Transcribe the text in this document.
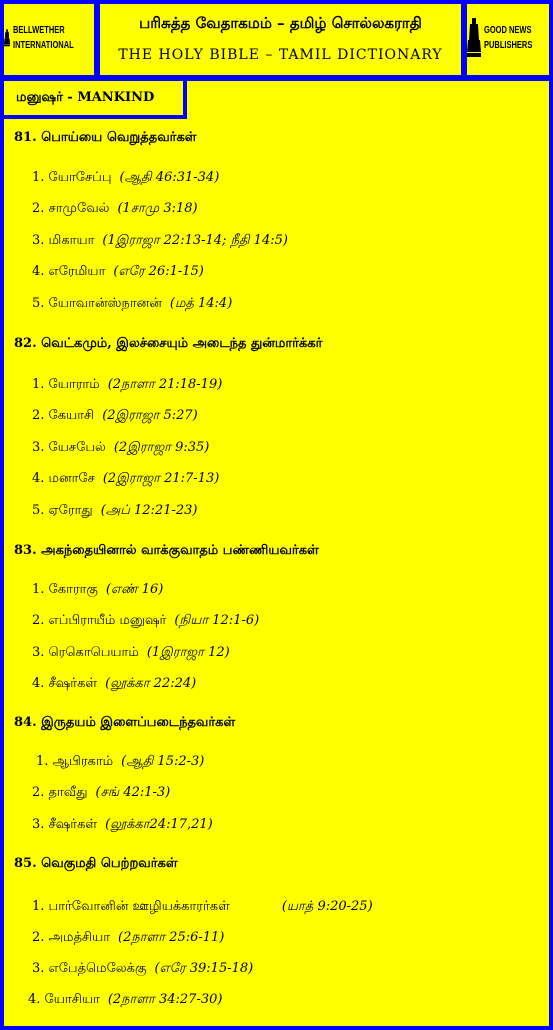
BELLWETHER
INTERNATIONAL
பரிசுத்த வேதாகமம் – தமிழ் சொல்லகராதி
THE HOLY BIBLE – TAMIL DICTIONARY
GOOD NEWS
PUBLISHERS
மனுஷர் - MANKIND
81. பொய்யை வெறுத்தவர்கள்
1. யோசேப்பு (ஆதி 46:31-34)
2. சாமுவேல் (1சாமு 3:18)
3. மிகாயா (1இராஜா 22:13-14; நீதி 14:5)
4. எரேமியா (எரே 26:1-15)
5. யோவான்ஸ்நானன் (மத் 14:4)
82. வெட்கமும், இலச்சையும் அடைந்த துன்மார்க்கர்
1. யோராம் (2நாளா 21:18-19)
2. கேயாசி (2இராஜா 5:27)
3. யேசபேல் (2இராஜா 9:35)
4. மனாசே (2இராஜா 21:7-13)
5. ஏரோது (அப் 12:21-23)
83. அகந்தையினால் வாக்குவாதம் பண்ணியவர்கள்
1. கோராகு (எண் 16)
2. எப்பிராயீம் மனுஷர் (நியா 12:1-6)
3. ரெகொபெயாம் (1இராஜா 12)
4. சீஷர்கள் (லூக்கா 22:24)
84. இருதயம் இளைப்படைந்தவர்கள்
1. ஆபிரகாம் (ஆதி 15:2-3)
2. தாவீது (சங் 42:1-3)
3. சீஷர்கள் (லூக்கா24:17,21)
85. வெகுமதி பெற்றவர்கள்
1. பார்வோனின் ஊழியக்காரர்கள்	(யாத் 9:20-25)
2. அமத்சியா (2நாளா 25:6-11)
3. எபேத்மெலேக்கு (எரே 39:15-18)
4. யோசியா (2நாளா 34:27-30)
